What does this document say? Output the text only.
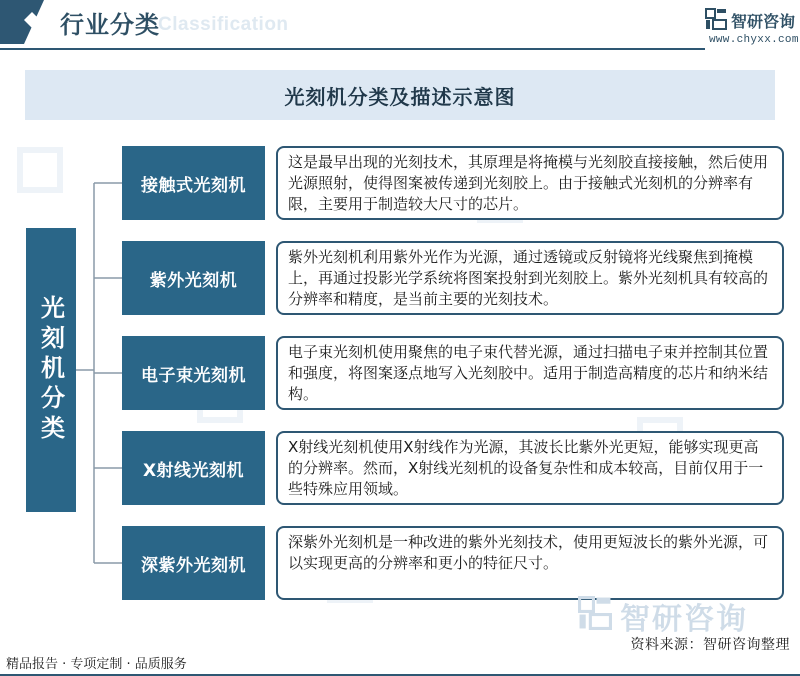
Classification
行业分类	智研咨询
www.chyxx.com
光刻机分类及描述示意图
光刻机分类
接触式光刻机
这是最早出现的光刻技术，其原理是将掩模与光刻胶直接接触，然后使用光源照射，使得图案被传递到光刻胶上。由于接触式光刻机的分辨率有限，主要用于制造较大尺寸的芯片。
紫外光刻机
紫外光刻机利用紫外光作为光源，通过透镜或反射镜将光线聚焦到掩模上，再通过投影光学系统将图案投射到光刻胶上。紫外光刻机具有较高的分辨率和精度，是当前主要的光刻技术。
电子束光刻机
电子束光刻机使用聚焦的电子束代替光源，通过扫描电子束并控制其位置和强度，将图案逐点地写入光刻胶中。适用于制造高精度的芯片和纳米结构。
X射线光刻机
X射线光刻机使用X射线作为光源，其波长比紫外光更短，能够实现更高的分辨率。然而，X射线光刻机的设备复杂性和成本较高，目前仅用于一些特殊应用领域。
深紫外光刻机
深紫外光刻机是一种改进的紫外光刻技术，使用更短波长的紫外光源，可以实现更高的分辨率和更小的特征尺寸。
智研咨询
资料来源：智研咨询整理
精品报告 · 专项定制 · 品质服务
